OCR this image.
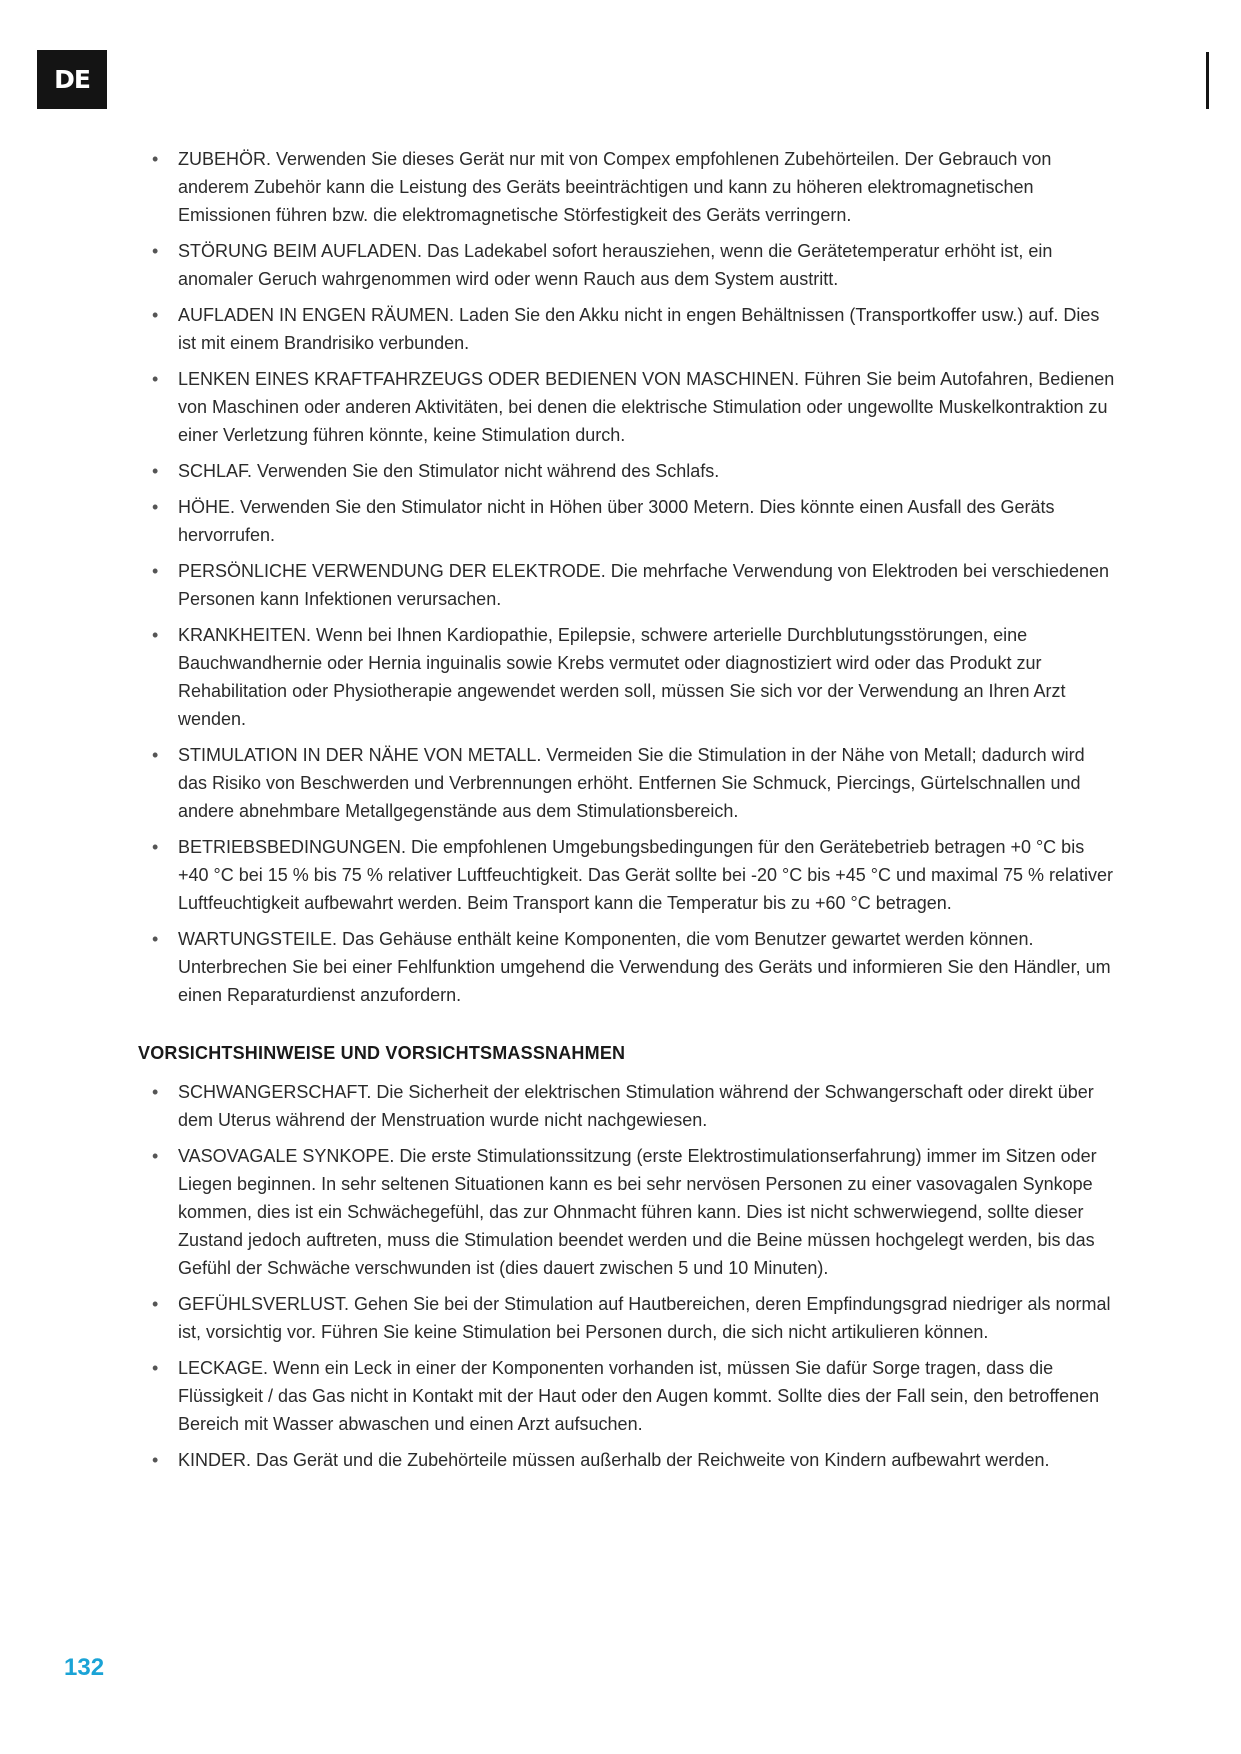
DE
• ZUBEHÖR. Verwenden Sie dieses Gerät nur mit von Compex empfohlenen Zubehörteilen. Der Gebrauch von anderem Zubehör kann die Leistung des Geräts beeinträchtigen und kann zu höheren elektromagnetischen Emissionen führen bzw. die elektromagnetische Störfestigkeit des Geräts verringern.
• STÖRUNG BEIM AUFLADEN. Das Ladekabel sofort herausziehen, wenn die Gerätetemperatur erhöht ist, ein anomaler Geruch wahrgenommen wird oder wenn Rauch aus dem System austritt.
• AUFLADEN IN ENGEN RÄUMEN. Laden Sie den Akku nicht in engen Behältnissen (Transportkoffer usw.) auf. Dies ist mit einem Brandrisiko verbunden.
• LENKEN EINES KRAFTFAHRZEUGS ODER BEDIENEN VON MASCHINEN. Führen Sie beim Autofahren, Bedienen von Maschinen oder anderen Aktivitäten, bei denen die elektrische Stimulation oder ungewollte Muskelkontraktion zu einer Verletzung führen könnte, keine Stimulation durch.
• SCHLAF. Verwenden Sie den Stimulator nicht während des Schlafs.
• HÖHE. Verwenden Sie den Stimulator nicht in Höhen über 3000 Metern. Dies könnte einen Ausfall des Geräts hervorrufen.
• PERSÖNLICHE VERWENDUNG DER ELEKTRODE. Die mehrfache Verwendung von Elektroden bei verschiedenen Personen kann Infektionen verursachen.
• KRANKHEITEN. Wenn bei Ihnen Kardiopathie, Epilepsie, schwere arterielle Durchblutungsstörungen, eine Bauchwandhernie oder Hernia inguinalis sowie Krebs vermutet oder diagnostiziert wird oder das Produkt zur Rehabilitation oder Physiotherapie angewendet werden soll, müssen Sie sich vor der Verwendung an Ihren Arzt wenden.
• STIMULATION IN DER NÄHE VON METALL. Vermeiden Sie die Stimulation in der Nähe von Metall; dadurch wird das Risiko von Beschwerden und Verbrennungen erhöht. Entfernen Sie Schmuck, Piercings, Gürtelschnallen und andere abnehmbare Metallgegenstände aus dem Stimulationsbereich.
• BETRIEBSBEDINGUNGEN. Die empfohlenen Umgebungsbedingungen für den Gerätebetrieb betragen +0 °C bis +40 °C bei 15 % bis 75 % relativer Luftfeuchtigkeit. Das Gerät sollte bei -20 °C bis +45 °C und maximal 75 % relativer Luftfeuchtigkeit aufbewahrt werden. Beim Transport kann die Temperatur bis zu +60 °C betragen.
• WARTUNGSTEILE. Das Gehäuse enthält keine Komponenten, die vom Benutzer gewartet werden können. Unterbrechen Sie bei einer Fehlfunktion umgehend die Verwendung des Geräts und informieren Sie den Händler, um einen Reparaturdienst anzufordern.
VORSICHTSHINWEISE UND VORSICHTSMASSNAHMEN
• SCHWANGERSCHAFT. Die Sicherheit der elektrischen Stimulation während der Schwangerschaft oder direkt über dem Uterus während der Menstruation wurde nicht nachgewiesen.
• VASOVAGALE SYNKOPE. Die erste Stimulationssitzung (erste Elektrostimulationserfahrung) immer im Sitzen oder Liegen beginnen. In sehr seltenen Situationen kann es bei sehr nervösen Personen zu einer vasovagalen Synkope kommen, dies ist ein Schwächegefühl, das zur Ohnmacht führen kann. Dies ist nicht schwerwiegend, sollte dieser Zustand jedoch auftreten, muss die Stimulation beendet werden und die Beine müssen hochgelegt werden, bis das Gefühl der Schwäche verschwunden ist (dies dauert zwischen 5 und 10 Minuten).
• GEFÜHLSVERLUST. Gehen Sie bei der Stimulation auf Hautbereichen, deren Empfindungsgrad niedriger als normal ist, vorsichtig vor. Führen Sie keine Stimulation bei Personen durch, die sich nicht artikulieren können.
• LECKAGE. Wenn ein Leck in einer der Komponenten vorhanden ist, müssen Sie dafür Sorge tragen, dass die Flüssigkeit / das Gas nicht in Kontakt mit der Haut oder den Augen kommt. Sollte dies der Fall sein, den betroffenen Bereich mit Wasser abwaschen und einen Arzt aufsuchen.
• KINDER. Das Gerät und die Zubehörteile müssen außerhalb der Reichweite von Kindern aufbewahrt werden.
132
